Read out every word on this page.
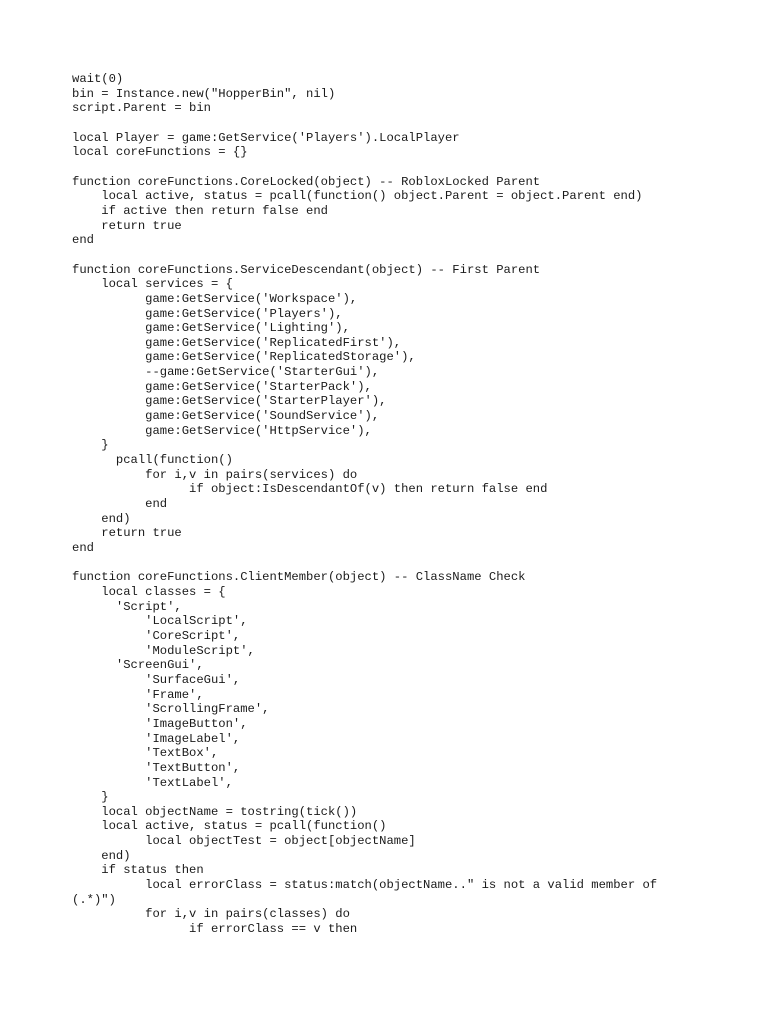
wait(0)
bin = Instance.new("HopperBin", nil)
script.Parent = bin
local Player = game:GetService('Players').LocalPlayer
local coreFunctions = {}
function coreFunctions.CoreLocked(object) -- RobloxLocked Parent
local active, status = pcall(function() object.Parent = object.Parent end)
if active then return false end
return true
end
function coreFunctions.ServiceDescendant(object) -- First Parent
local services = {
game:GetService('Workspace'),
game:GetService('Players'),
game:GetService('Lighting'),
game:GetService('ReplicatedFirst'),
game:GetService('ReplicatedStorage'),
--game:GetService('StarterGui'),
game:GetService('StarterPack'),
game:GetService('StarterPlayer'),
game:GetService('SoundService'),
game:GetService('HttpService'),
}
pcall(function()
for i,v in pairs(services) do
if object:IsDescendantOf(v) then return false end
end
end)
return true
end
function coreFunctions.ClientMember(object) -- ClassName Check
local classes = {
'Script',
'LocalScript',
'CoreScript',
'ModuleScript',
'ScreenGui',
'SurfaceGui',
'Frame',
'ScrollingFrame',
'ImageButton',
'ImageLabel',
'TextBox',
'TextButton',
'TextLabel',
}
local objectName = tostring(tick())
local active, status = pcall(function()
local objectTest = object[objectName]
end)
if status then
local errorClass = status:match(objectName.." is not a valid member of
(.*)")
for i,v in pairs(classes) do
if errorClass == v then
